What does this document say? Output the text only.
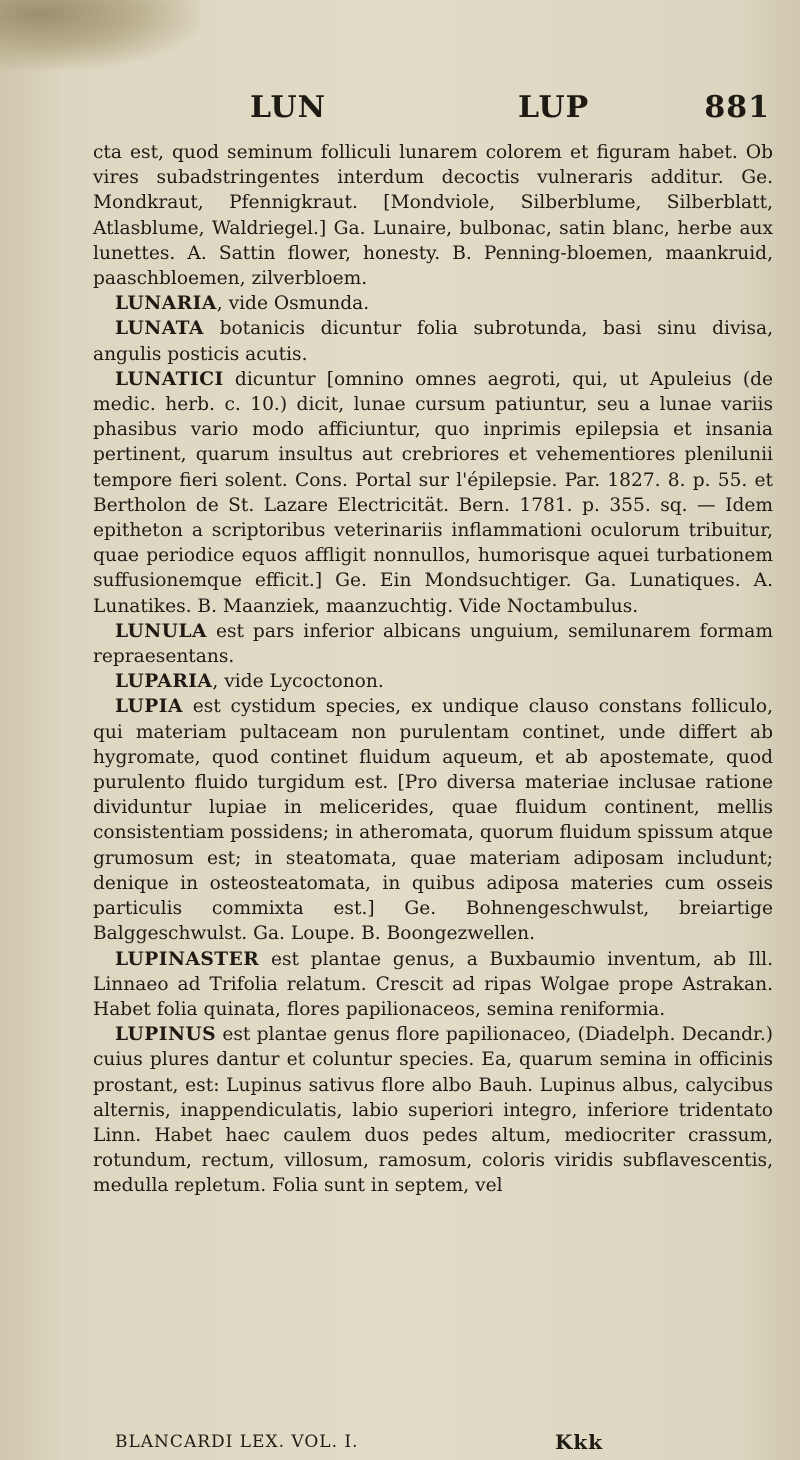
LUN	LUP	881

cta est, quod seminum folliculi lunarem colorem et figuram habet. Ob vires subadstringentes interdum decoctis vulneraris additur. Ge. Mondkraut, Pfennigkraut. [Mondviole, Silberblume, Silberblatt, Atlasblume, Waldriegel.] Ga. Lunaire, bulbonac, satin blanc, herbe aux lunettes. A. Sattin flower, honesty. B. Penning-bloemen, maankruid, paaschbloemen, zilverbloem.

LUNARIA, vide Osmunda.

LUNATA botanicis dicuntur folia subrotunda, basi sinu divisa, angulis posticis acutis.

LUNATICI dicuntur [omnino omnes aegroti, qui, ut Apuleius (de medic. herb. c. 10.) dicit, lunae cursum patiuntur, seu a lunae variis phasibus vario modo afficiuntur, quo inprimis epilepsia et insania pertinent, quarum insultus aut crebriores et vehementiores plenilunii tempore fieri solent. Cons. Portal sur l'épilepsie. Par. 1827. 8. p. 55. et Bertholon de St. Lazare Electricität. Bern. 1781. p. 355. sq. — Idem epitheton a scriptoribus veterinariis inflammationi oculorum tribuitur, quae periodice equos affligit nonnullos, humorisque aquei turbationem suffusionemque efficit.] Ge. Ein Mondsuchtiger. Ga. Lunatiques. A. Lunatikes. B. Maanziek, maanzuchtig. Vide Noctambulus.

LUNULA est pars inferior albicans unguium, semilunarem formam repraesentans.

LUPARIA, vide Lycoctonon.

LUPIA est cystidum species, ex undique clauso constans folliculo, qui materiam pultaceam non purulentam continet, unde differt ab hygromate, quod continet fluidum aqueum, et ab apostemate, quod purulento fluido turgidum est. [Pro diversa materiae inclusae ratione dividuntur lupiae in melicerides, quae fluidum continent, mellis consistentiam possidens; in atheromata, quorum fluidum spissum atque grumosum est; in steatomata, quae materiam adiposam includunt; denique in osteosteatomata, in quibus adiposa materies cum osseis particulis commixta est.] Ge. Bohnengeschwulst, breiartige Balggeschwulst. Ga. Loupe. B. Boongezwellen.

LUPINASTER est plantae genus, a Buxbaumio inventum, ab Ill. Linnaeo ad Trifolia relatum. Crescit ad ripas Wolgae prope Astrakan. Habet folia quinata, flores papilionaceos, semina reniformia.

LUPINUS est plantae genus flore papilionaceo, (Diadelph. Decandr.) cuius plures dantur et coluntur species. Ea, quarum semina in officinis prostant, est: Lupinus sativus flore albo Bauh. Lupinus albus, calycibus alternis, inappendiculatis, labio superiori integro, inferiore tridentato Linn. Habet haec caulem duos pedes altum, mediocriter crassum, rotundum, rectum, villosum, ramosum, coloris viridis subflavescentis, medulla repletum. Folia sunt in septem, vel

BLANCARDI LEX. VOL. I.	Kkk
